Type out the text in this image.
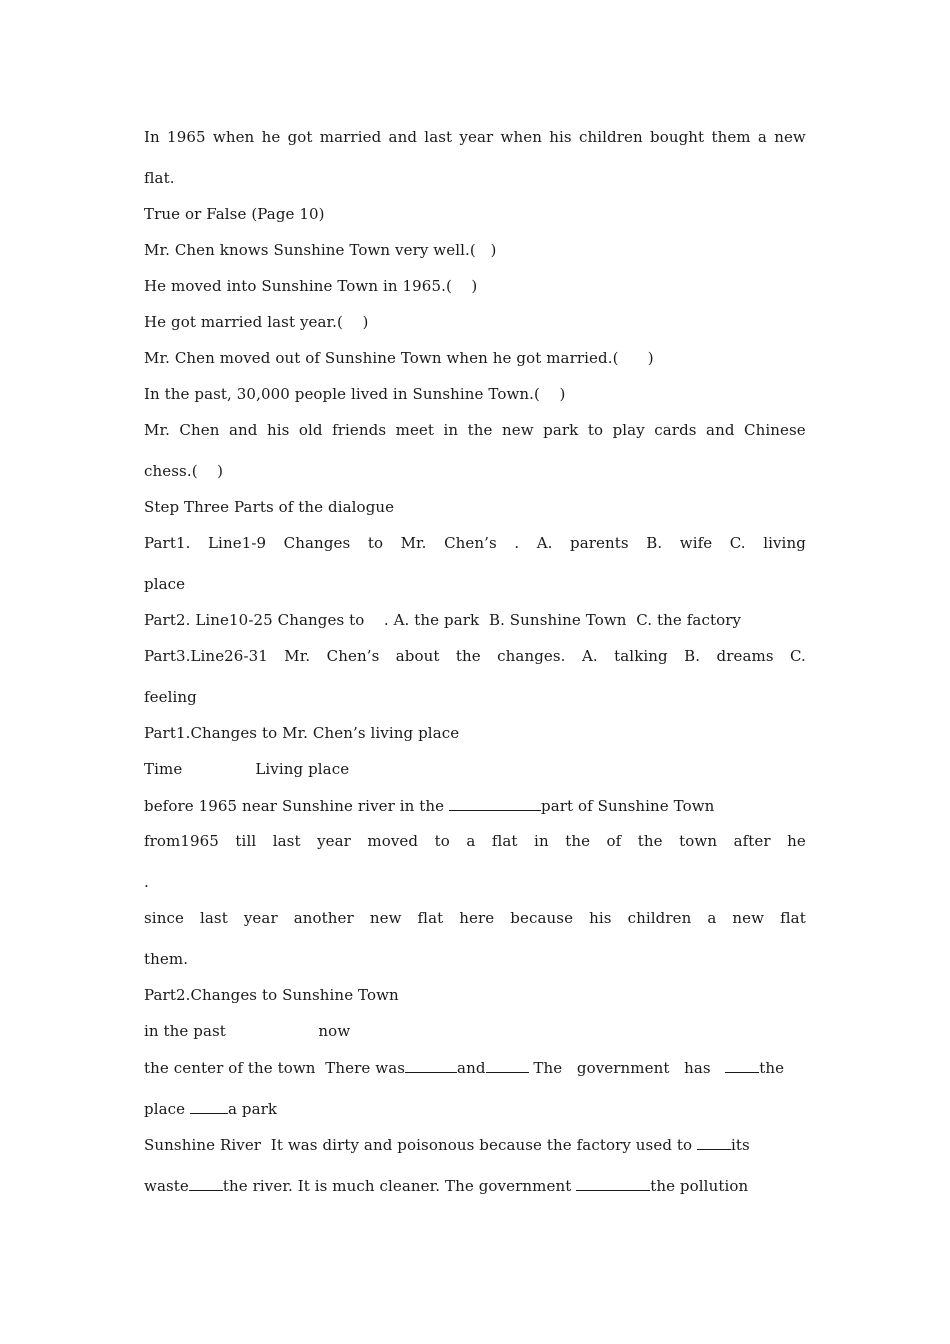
In 1965 when he got married and last year when his children bought them a new
flat.
True or False (Page 10)
Mr. Chen knows Sunshine Town very well.(   )
He moved into Sunshine Town in 1965.(    )
He got married last year.(    )
Mr. Chen moved out of Sunshine Town when he got married.(      )
In the past, 30,000 people lived in Sunshine Town.(    )
Mr. Chen and his old friends meet in the new park to play cards and Chinese
chess.(    )
Step Three Parts of the dialogue
Part1. Line1-9 Changes to Mr. Chen’s . A. parents B. wife C. living
place
Part2. Line10-25 Changes to    . A. the park  B. Sunshine Town  C. the factory
Part3.Line26-31 Mr. Chen’s about the changes. A. talking B. dreams C.
feeling
Part1.Changes to Mr. Chen’s living place
Time               Living place
before 1965 near Sunshine river in the	part of Sunshine Town
from1965 till last year moved to a flat in the of the town after he
.
since last year another new flat here because his children a new flat
them.
Part2.Changes to Sunshine Town
in the past                   now
the center of the town  There was	and	The   government   has   the
place	a park
Sunshine River  It was dirty and poisonous because the factory used to its
waste the river. It is much cleaner. The government	the pollution
